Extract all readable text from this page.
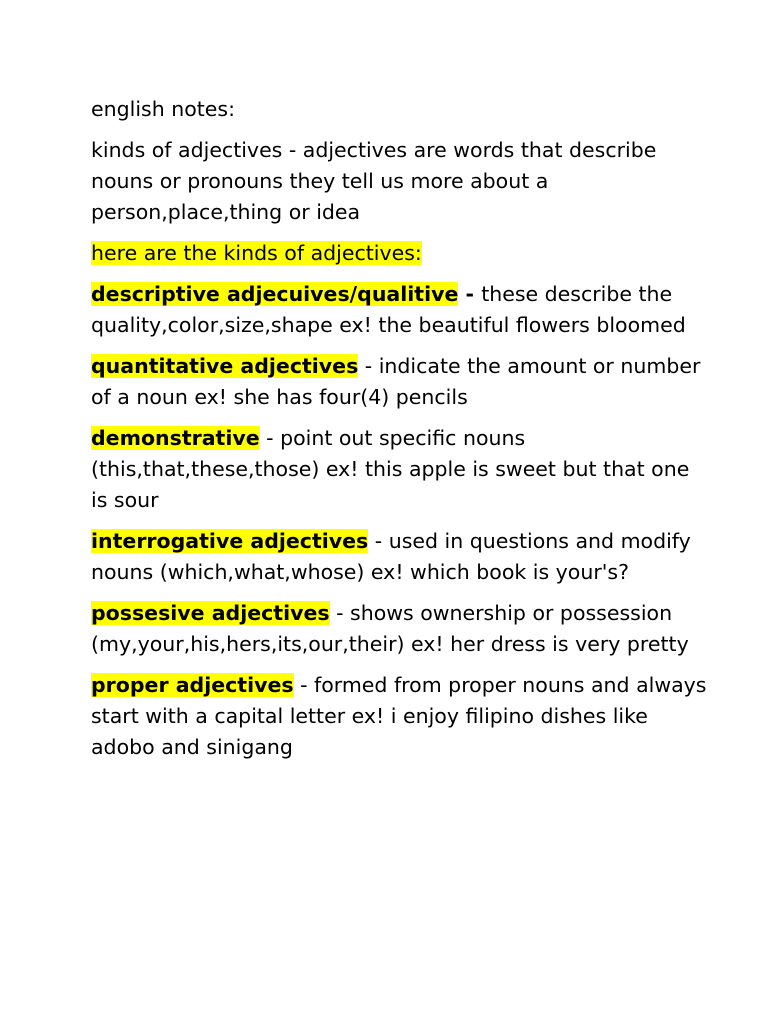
english notes:

kinds of adjectives - adjectives are words that describe nouns or pronouns they tell us more about a person,place,thing or idea

here are the kinds of adjectives:

descriptive adjecuives/qualitive - these describe the quality,color,size,shape ex! the beautiful flowers bloomed

quantitative adjectives - indicate the amount or number of a noun ex! she has four(4) pencils

demonstrative - point out specific nouns (this,that,these,those) ex! this apple is sweet but that one is sour

interrogative adjectives - used in questions and modify nouns (which,what,whose) ex! which book is your's?

possesive adjectives - shows ownership or possession (my,your,his,hers,its,our,their) ex! her dress is very pretty

proper adjectives - formed from proper nouns and always start with a capital letter ex! i enjoy filipino dishes like adobo and sinigang
